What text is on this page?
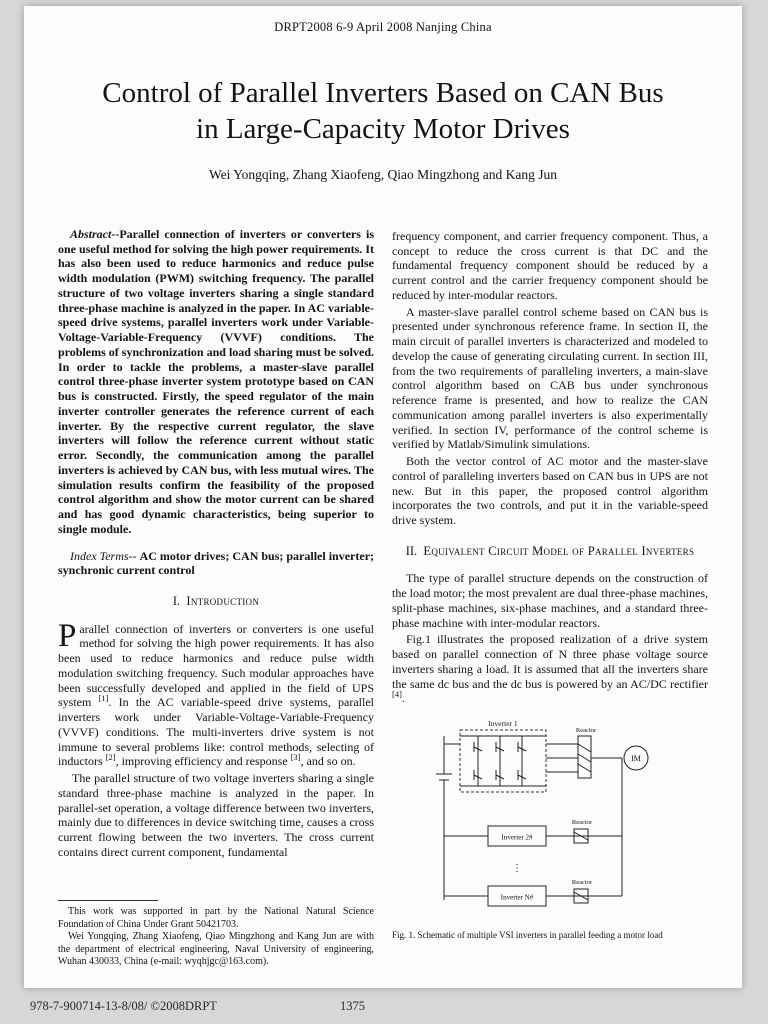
DRPT2008 6-9 April 2008 Nanjing China
Control of Parallel Inverters Based on CAN Bus
in Large-Capacity Motor Drives
Wei Yongqing, Zhang Xiaofeng, Qiao Mingzhong and Kang Jun

Abstract--Parallel connection of inverters or converters is one useful method for solving the high power requirements. It has also been used to reduce harmonics and reduce pulse width modulation (PWM) switching frequency. The parallel structure of two voltage inverters sharing a single standard three-phase machine is analyzed in the paper. In AC variable-speed drive systems, parallel inverters work under Variable-Voltage-Variable-Frequency (VVVF) conditions. The problems of synchronization and load sharing must be solved. In order to tackle the problems, a master-slave parallel control three-phase inverter system prototype based on CAN bus is constructed. Firstly, the speed regulator of the main inverter controller generates the reference current of each inverter. By the respective current regulator, the slave inverters will follow the reference current without static error. Secondly, the communication among the parallel inverters is achieved by CAN bus, with less mutual wires. The simulation results confirm the feasibility of the proposed control algorithm and show the motor current can be shared and has good dynamic characteristics, being superior to single module.

Index Terms-- AC motor drives; CAN bus; parallel inverter; synchronic current control

I. Introduction

Parallel connection of inverters or converters is one useful method for solving the high power requirements. It has also been used to reduce harmonics and reduce pulse width modulation switching frequency. Such modular approaches have been successfully developed and applied in the field of UPS system [1]. In the AC variable-speed drive systems, parallel inverters work under Variable-Voltage-Variable-Frequency (VVVF) conditions. The multi-inverters drive system is not immune to several problems like: control methods, selecting of inductors [2], improving efficiency and response [3], and so on.

The parallel structure of two voltage inverters sharing a single standard three-phase machine is analyzed in the paper. In parallel-set operation, a voltage difference between two inverters, mainly due to differences in device switching time, causes a cross current flowing between the two inverters. The cross current contains direct current component, fundamental

This work was supported in part by the National Natural Science Foundation of China Under Grant 50421703.

Wei Yongqing, Zhang Xiaofeng, Qiao Mingzhong and Kang Jun are with the department of electrical engineering, Naval University of engineering, Wuhan 430033, China (e-mail: wyqhjgc@163.com).

frequency component, and carrier frequency component. Thus, a concept to reduce the cross current is that DC and the fundamental frequency component should be reduced by a current control and the carrier frequency component should be reduced by inter-modular reactors.

A master-slave parallel control scheme based on CAN bus is presented under synchronous reference frame. In section II, the main circuit of parallel inverters is characterized and modeled to develop the cause of generating circulating current. In section III, from the two requirements of paralleling inverters, a main-slave control algorithm based on CAB bus under synchronous reference frame is presented, and how to realize the CAN communication among parallel inverters is also experimentally verified. In section IV, performance of the control scheme is verified by Matlab/Simulink simulations.

Both the vector control of AC motor and the master-slave control of paralleling inverters based on CAN bus in UPS are not new. But in this paper, the proposed control algorithm incorporates the two controls, and put it in the variable-speed drive system.

II. Equivalent Circuit Model of Parallel Inverters

The type of parallel structure depends on the construction of the load motor; the most prevalent are dual three-phase machines, split-phase machines, six-phase machines, and a standard three-phase machine with inter-modular reactors.

Fig.1 illustrates the proposed realization of a drive system based on parallel connection of N three phase voltage source inverters sharing a load. It is assumed that all the inverters share the same dc bus and the dc bus is powered by an AC/DC rectifier [4].

Inverter 1
Reactor
IM
Inverter 2#
Reactor
⋮
Inverter N#
Reactor
Fig. 1. Schematic of multiple VSI inverters in parallel feeding a motor load
978-7-900714-13-8/08/ ©2008DRPT	1375
